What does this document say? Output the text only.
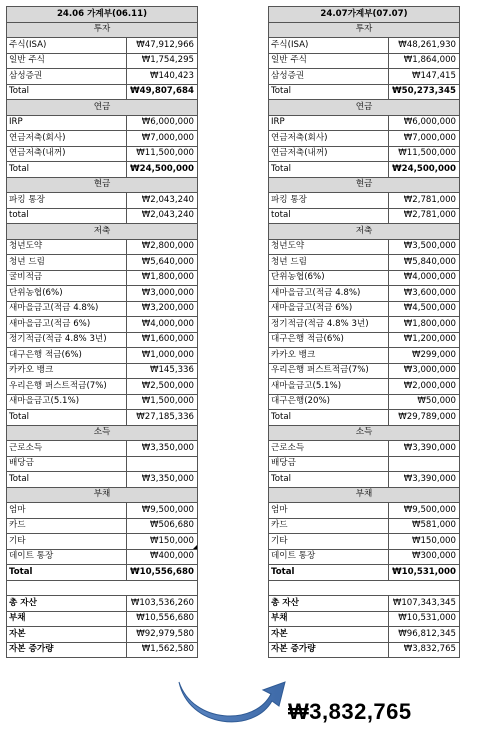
24.06 가계부(06.11)	
투자	
주식(ISA)	₩47,912,966
일반 주식	₩1,754,295
삼성증권	₩140,423
Total	₩49,807,684
연금	
IRP	₩6,000,000
연금저축(회사)	₩7,000,000
연금저축(내꺼)	₩11,500,000
Total	₩24,500,000
현금	
파킹 통장	₩2,043,240
total	₩2,043,240
저축	
청년도약	₩2,800,000
청년 드림	₩5,640,000
굴비적금	₩1,800,000
단위농협(6%)	₩3,000,000
새마을금고(적금 4.8%)	₩3,200,000
새마을금고(적금 6%)	₩4,000,000
정기적금(적금 4.8% 3년)	₩1,600,000
대구은행 적금(6%)	₩1,000,000
카카오 뱅크	₩145,336
우리은행 퍼스트적금(7%)	₩2,500,000
새마을금고(5.1%)	₩1,500,000
Total	₩27,185,336
소득	
근로소득	₩3,350,000
배당금	
Total	₩3,350,000
부채	
엄마	₩9,500,000
카드	₩506,680
기타	₩150,000
데이트 통장	₩400,000
Total	₩10,556,680

총 자산	₩103,536,260
부채	₩10,556,680
자본	₩92,979,580
자본 증가량	₩1,562,580
24.07가계부(07.07)	
투자	
주식(ISA)	₩48,261,930
일반 주식	₩1,864,000
삼성증권	₩147,415
Total	₩50,273,345
연금	
IRP	₩6,000,000
연금저축(회사)	₩7,000,000
연금저축(내꺼)	₩11,500,000
Total	₩24,500,000
현금	
파킹 통장	₩2,781,000
total	₩2,781,000
저축	
청년도약	₩3,500,000
청년 드림	₩5,840,000
단위농협(6%)	₩4,000,000
새마을금고(적금 4.8%)	₩3,600,000
새마을금고(적금 6%)	₩4,500,000
정기적금(적금 4.8% 3년)	₩1,800,000
대구은행 적금(6%)	₩1,200,000
카카오 뱅크	₩299,000
우리은행 퍼스트적금(7%)	₩3,000,000
새마을금고(5.1%)	₩2,000,000
대구은행(20%)	₩50,000
Total	₩29,789,000
소득	
근로소득	₩3,390,000
배당금	
Total	₩3,390,000
부채	
엄마	₩9,500,000
카드	₩581,000
기타	₩150,000
데이트 통장	₩300,000
Total	₩10,531,000

총 자산	₩107,343,345
부채	₩10,531,000
자본	₩96,812,345
자본 증가량	₩3,832,765
₩3,832,765
